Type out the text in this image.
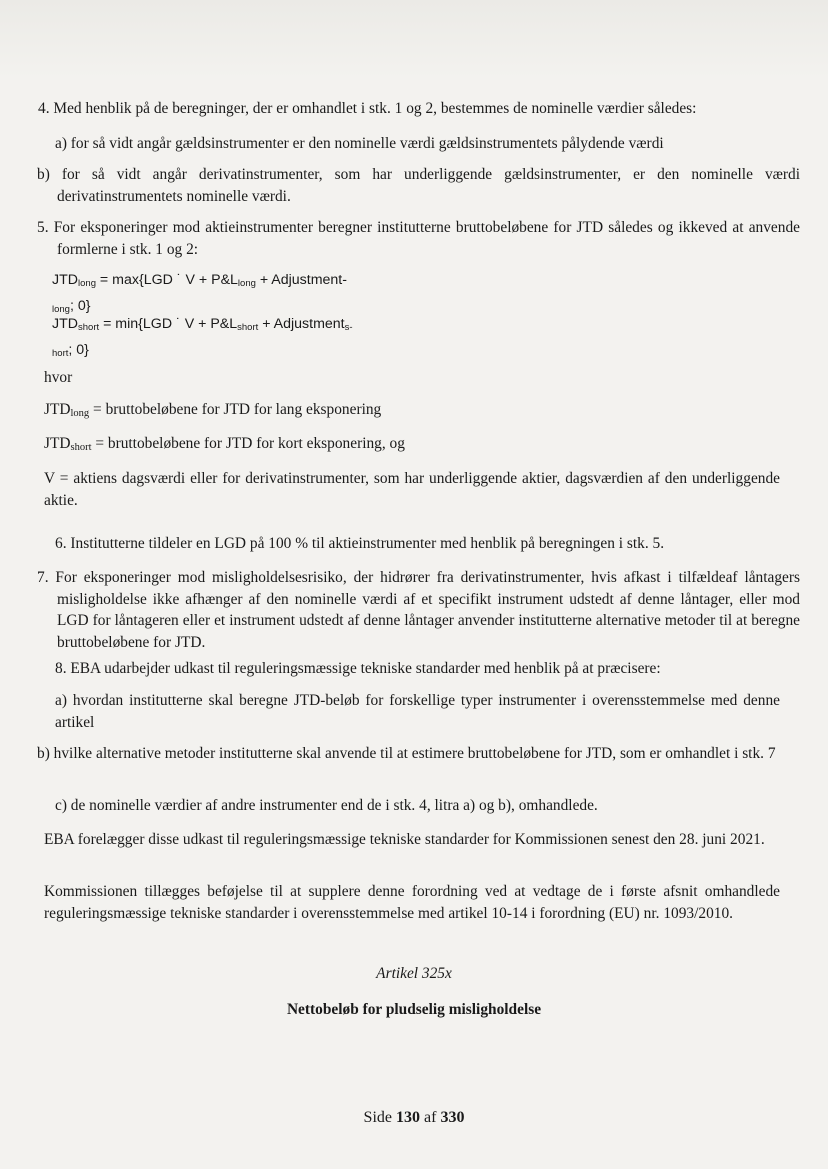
4. Med henblik på de beregninger, der er omhandlet i stk. 1 og 2, bestemmes de nominelle værdier således:

a) for så vidt angår gældsinstrumenter er den nominelle værdi gældsinstrumentets pålydende værdi

b) for så vidt angår derivatinstrumenter, som har underliggende gældsinstrumenter, er den nominelle værdi derivatinstrumentets nominelle værdi.

5. For eksponeringer mod aktieinstrumenter beregner institutterne bruttobeløbene for JTD således og ikkeved at anvende formlerne i stk. 1 og 2:

$JTD_{long} = \max\{LGD$ ˙ $V + P\&L_{long}$ + Adjustment-
$_{long}$; 0}
$JTD_{short} = \min\{LGD$ ˙ $V + P\&L_{short}$ + Adjustment$_{s-}$
$_{hort}$; 0}

hvor

JTDlong = bruttobeløbene for JTD for lang eksponering

JTDshort = bruttobeløbene for JTD for kort eksponering, og

V = aktiens dagsværdi eller for derivatinstrumenter, som har underliggende aktier, dagsværdien af den underliggende aktie.

6. Institutterne tildeler en LGD på 100 % til aktieinstrumenter med henblik på beregningen i stk. 5.

7. For eksponeringer mod misligholdelsesrisiko, der hidrører fra derivatinstrumenter, hvis afkast i tilfældeaf låntagers misligholdelse ikke afhænger af den nominelle værdi af et specifikt instrument udstedt af denne låntager, eller mod LGD for låntageren eller et instrument udstedt af denne låntager anvender institutterne alternative metoder til at beregne bruttobeløbene for JTD.

8. EBA udarbejder udkast til reguleringsmæssige tekniske standarder med henblik på at præcisere:

a) hvordan institutterne skal beregne JTD-beløb for forskellige typer instrumenter i overensstemmelse med denne artikel

b) hvilke alternative metoder institutterne skal anvende til at estimere bruttobeløbene for JTD, som er omhandlet i stk. 7

c) de nominelle værdier af andre instrumenter end de i stk. 4, litra a) og b), omhandlede.

EBA forelægger disse udkast til reguleringsmæssige tekniske standarder for Kommissionen senest den 28. juni 2021.

Kommissionen tillægges beføjelse til at supplere denne forordning ved at vedtage de i første afsnit omhandlede reguleringsmæssige tekniske standarder i overensstemmelse med artikel 10-14 i forordning (EU) nr. 1093/2010.

Artikel 325x

Nettobeløb for pludselig misligholdelse

Side 130 af 330
